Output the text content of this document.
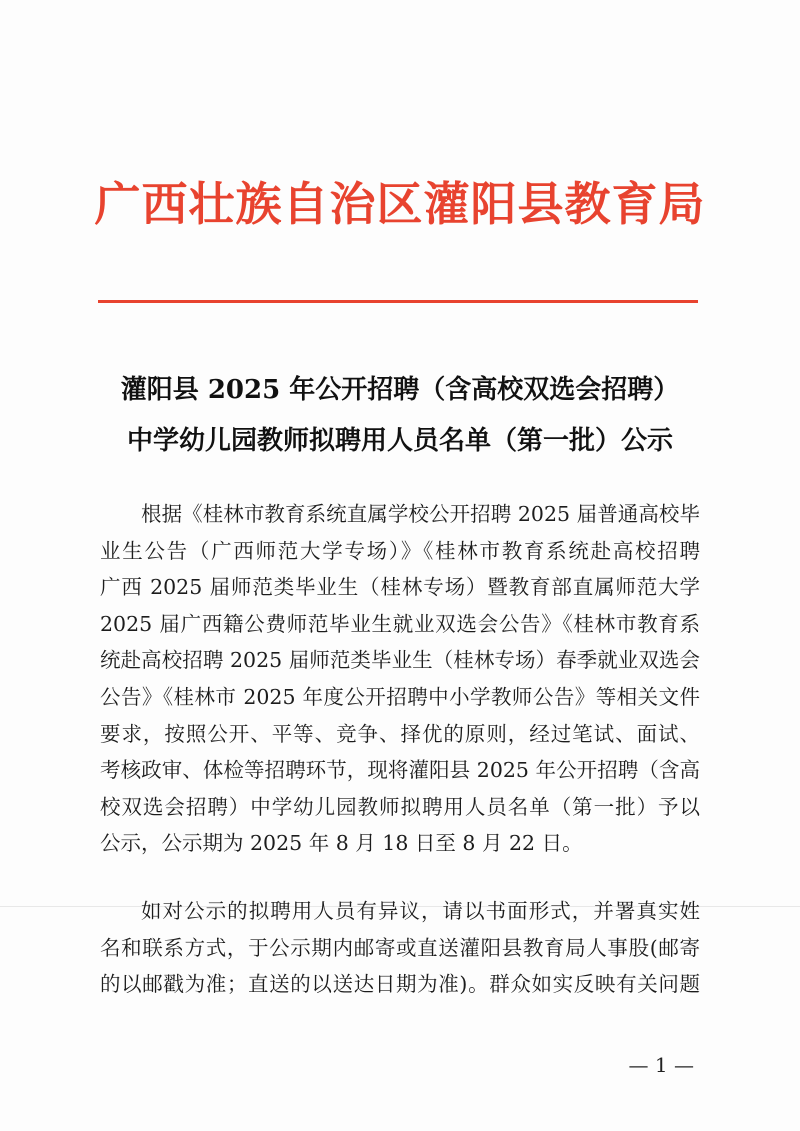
广西壮族自治区灌阳县教育局
灌阳县 2025 年公开招聘（含高校双选会招聘）
中学幼儿园教师拟聘用人员名单（第一批）公示
根据《桂林市教育系统直属学校公开招聘 2025 届普通高校毕
业生公告（广西师范大学专场）》《桂林市教育系统赴高校招聘
广西 2025 届师范类毕业生（桂林专场）暨教育部直属师范大学
2025 届广西籍公费师范毕业生就业双选会公告》《桂林市教育系
统赴高校招聘 2025 届师范类毕业生（桂林专场）春季就业双选会
公告》《桂林市 2025 年度公开招聘中小学教师公告》等相关文件
要求，按照公开、平等、竞争、择优的原则，经过笔试、面试、
考核政审、体检等招聘环节，现将灌阳县 2025 年公开招聘（含高
校双选会招聘）中学幼儿园教师拟聘用人员名单（第一批）予以
公示，公示期为 2025 年 8 月 18 日至 8 月 22 日。
如对公示的拟聘用人员有异议，请以书面形式，并署真实姓
名和联系方式，于公示期内邮寄或直送灌阳县教育局人事股(邮寄
的以邮戳为准；直送的以送达日期为准)。群众如实反映有关问题
— 1 —
